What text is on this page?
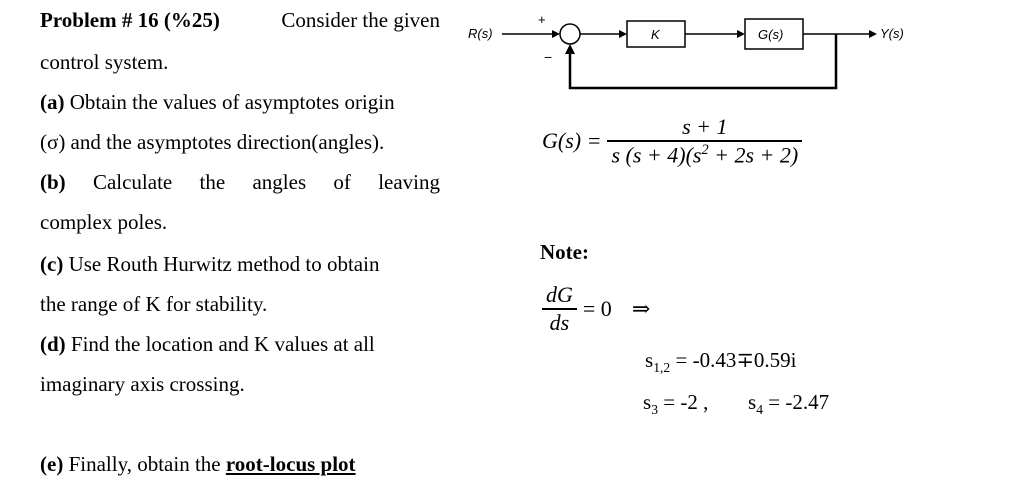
Problem # 16 (%25)	Consider the given
control system.
(a) Obtain the values of asymptotes origin
(σ) and the asymptotes direction(angles).
(b) Calculate the angles of leaving
complex poles.
(c) Use Routh Hurwitz method to obtain
the range of K for stability.
(d) Find the location and K values at all
imaginary axis crossing.
(e) Finally, obtain the root-locus plot
R(s)
+
−
K	G(s)	Y(s)
$G(s) = \frac{s + 1}{s (s + 4)(s^2 + 2s + 2)}$
Note:
$\frac{dG}{ds} = 0$ ⇒
$s_{1,2} = -0.43\mp 0.59i$
$s_3 = -2$ , $s_4 = -2.47$
